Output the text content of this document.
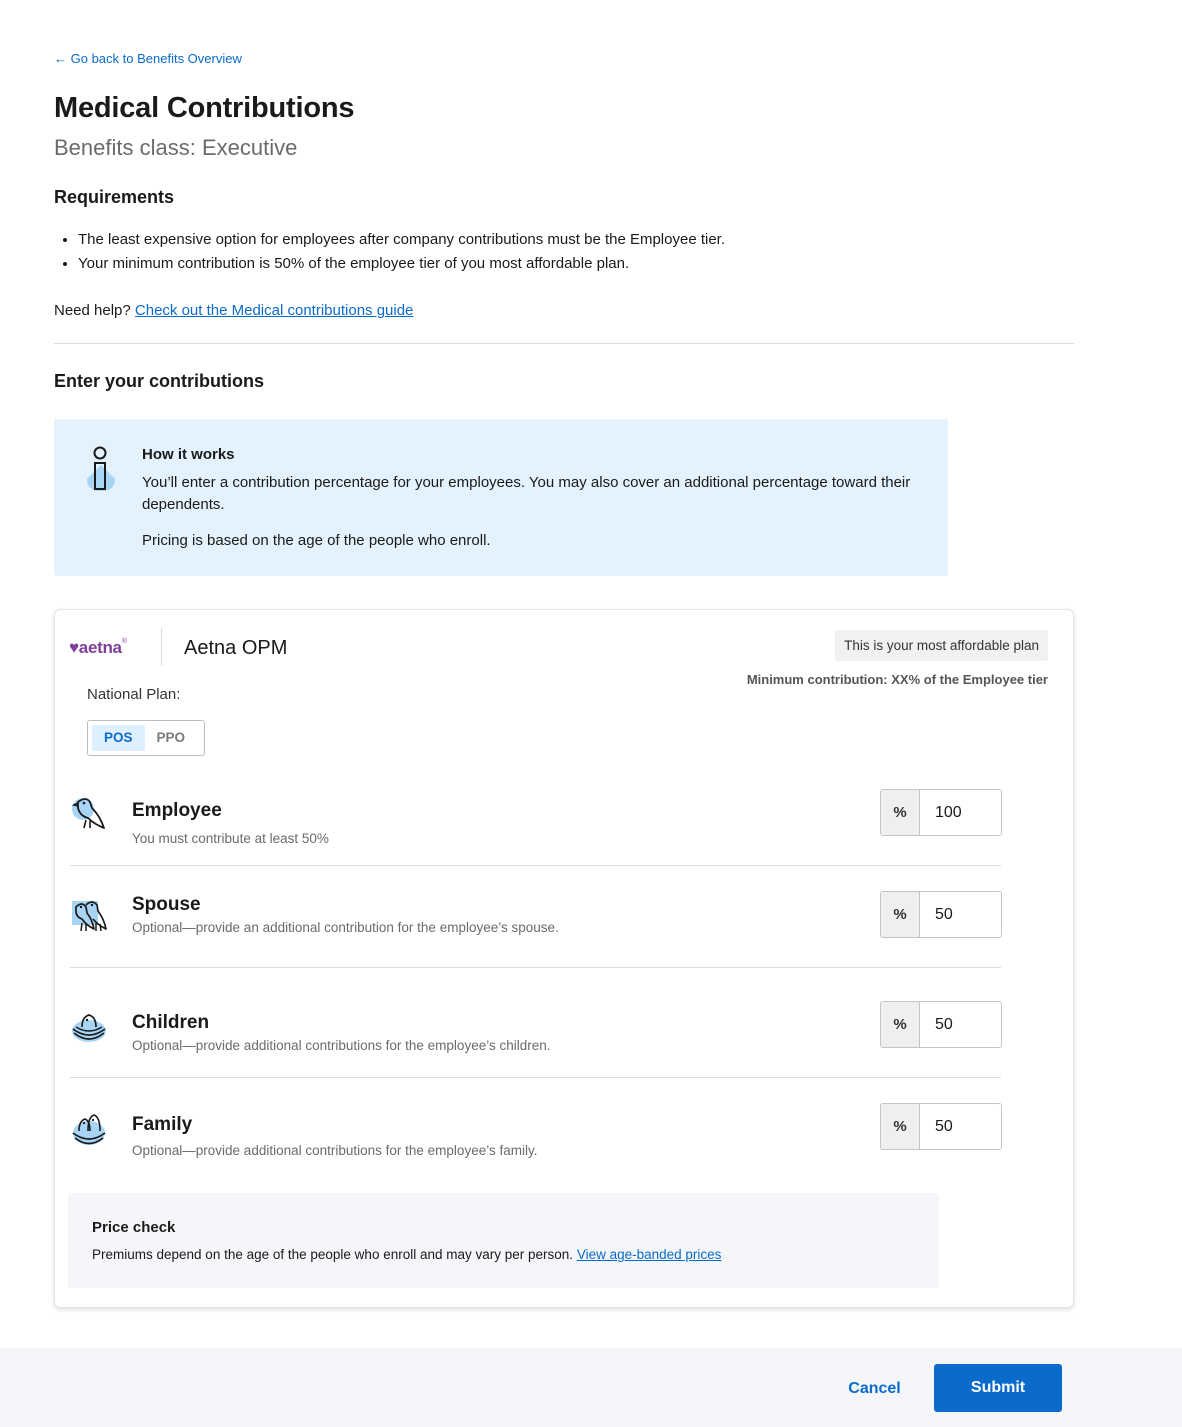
← Go back to Benefits Overview
Medical Contributions
Benefits class: Executive
Requirements
The least expensive option for employees after company contributions must be the Employee tier.
Your minimum contribution is 50% of the employee tier of you most affordable plan.
Need help? Check out the Medical contributions guide
Enter your contributions
How it works
You’ll enter a contribution percentage for your employees. You may also cover an additional percentage toward their dependents.
Pricing is based on the age of the people who enroll.
♥aetna®	Aetna OPM	This is your most affordable plan
Minimum contribution: XX% of the Employee tier
National Plan:
POS	PPO
Employee
You must contribute at least 50%
%
100
Spouse
Optional—provide an additional contribution for the employee’s spouse.
%
50
Children
Optional—provide additional contributions for the employee’s children.
%
50
Family
Optional—provide additional contributions for the employee’s family.
%
50
Price check
Premiums depend on the age of the people who enroll and may vary per person. View age-banded prices
Cancel	Submit
